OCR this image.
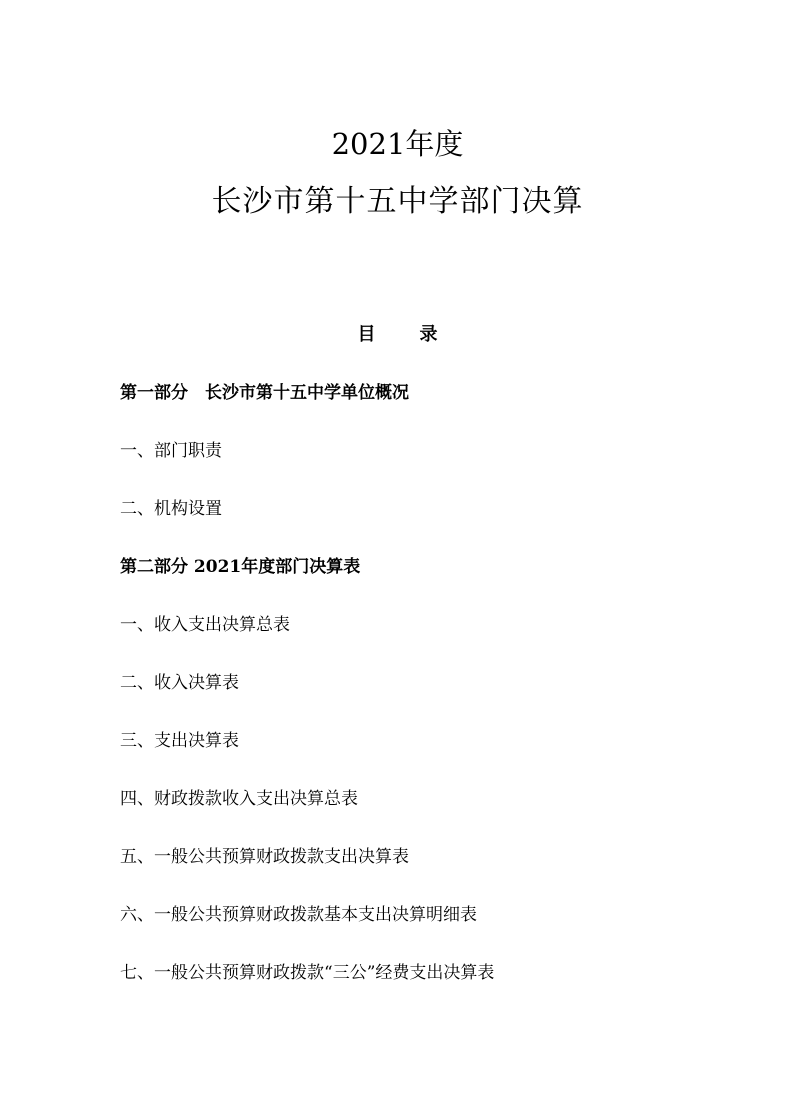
2021年度
长沙市第十五中学部门决算
目 录
第一部分　长沙市第十五中学单位概况
一、部门职责
二、机构设置
第二部分 2021年度部门决算表
一、收入支出决算总表
二、收入决算表
三、支出决算表
四、财政拨款收入支出决算总表
五、一般公共预算财政拨款支出决算表
六、一般公共预算财政拨款基本支出决算明细表
七、一般公共预算财政拨款“三公”经费支出决算表
